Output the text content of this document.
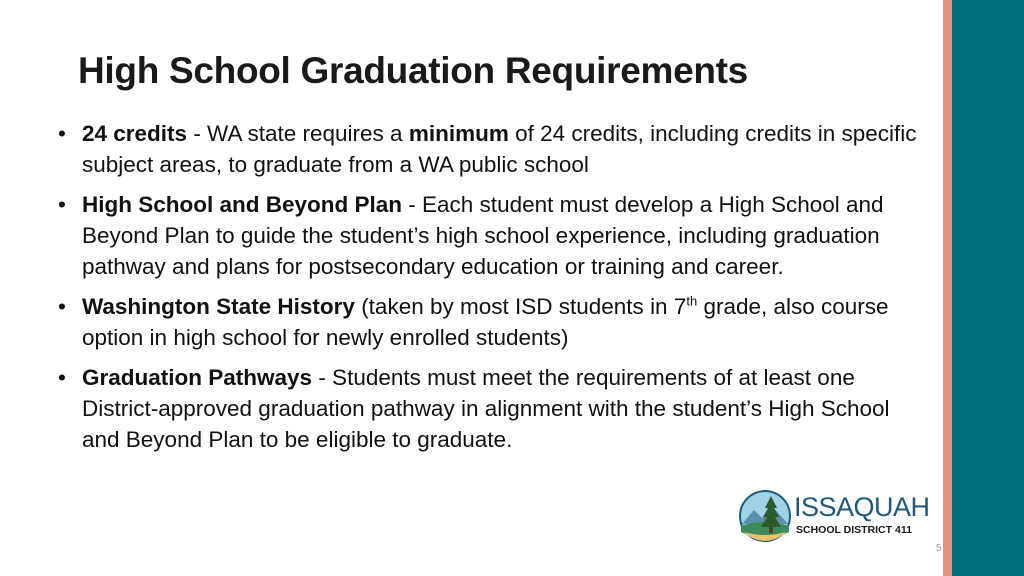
High School Graduation Requirements
• 24 credits - WA state requires a minimum of 24 credits, including credits in specific subject areas, to graduate from a WA public school
• High School and Beyond Plan - Each student must develop a High School and Beyond Plan to guide the student’s high school experience, including graduation pathway and plans for postsecondary education or training and career.
• Washington State History (taken by most ISD students in 7th grade, also course option in high school for newly enrolled students)
• Graduation Pathways - Students must meet the requirements of at least one District-approved graduation pathway in alignment with the student’s High School and Beyond Plan to be eligible to graduate.
ISSAQUAH
SCHOOL DISTRICT 411
5
